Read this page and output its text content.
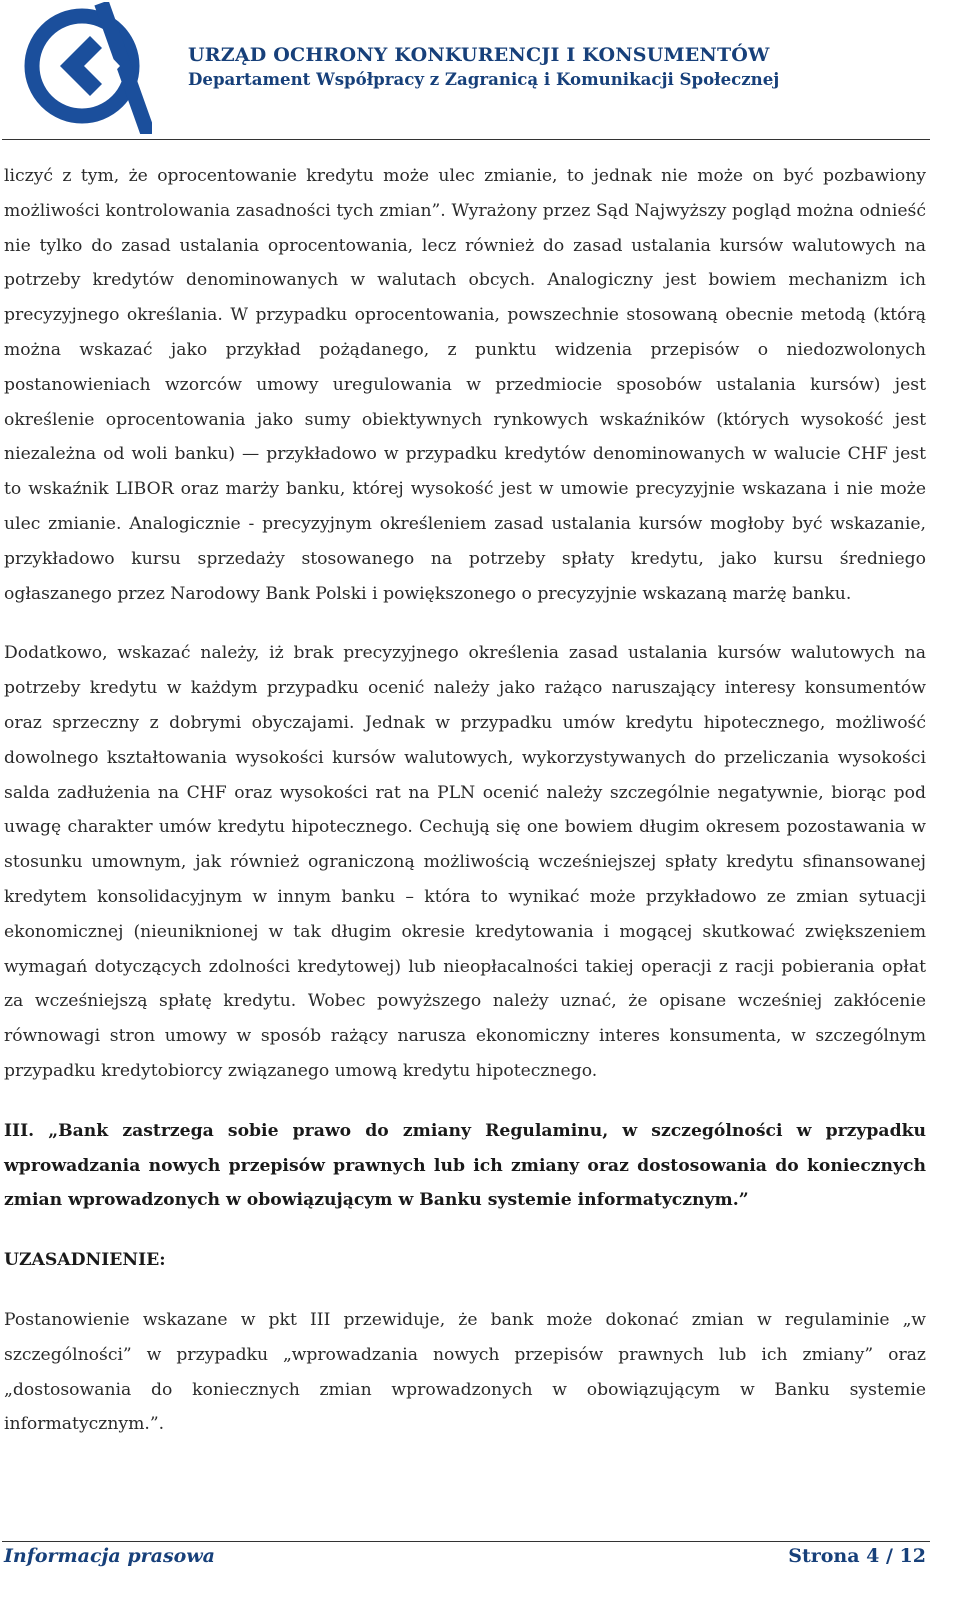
URZĄD OCHRONY KONKURENCJI I KONSUMENTÓW
Departament Współpracy z Zagranicą i Komunikacji Społecznej

liczyć z tym, że oprocentowanie kredytu może ulec zmianie, to jednak nie może on być pozbawiony możliwości kontrolowania zasadności tych zmian”. Wyrażony przez Sąd Najwyższy pogląd można odnieść nie tylko do zasad ustalania oprocentowania, lecz również do zasad ustalania kursów walutowych na potrzeby kredytów denominowanych w walutach obcych. Analogiczny jest bowiem mechanizm ich precyzyjnego określania. W przypadku oprocentowania, powszechnie stosowaną obecnie metodą (którą można wskazać jako przykład pożądanego, z punktu widzenia przepisów o niedozwolonych postanowieniach wzorców umowy uregulowania w przedmiocie sposobów ustalania kursów) jest określenie oprocentowania jako sumy obiektywnych rynkowych wskaźników (których wysokość jest niezależna od woli banku) — przykładowo w przypadku kredytów denominowanych w walucie CHF jest to wskaźnik LIBOR oraz marży banku, której wysokość jest w umowie precyzyjnie wskazana i nie może ulec zmianie. Analogicznie - precyzyjnym określeniem zasad ustalania kursów mogłoby być wskazanie, przykładowo kursu sprzedaży stosowanego na potrzeby spłaty kredytu, jako kursu średniego ogłaszanego przez Narodowy Bank Polski i powiększonego o precyzyjnie wskazaną marżę banku.

Dodatkowo, wskazać należy, iż brak precyzyjnego określenia zasad ustalania kursów walutowych na potrzeby kredytu w każdym przypadku ocenić należy jako rażąco naruszający interesy konsumentów oraz sprzeczny z dobrymi obyczajami. Jednak w przypadku umów kredytu hipotecznego, możliwość dowolnego kształtowania wysokości kursów walutowych, wykorzystywanych do przeliczania wysokości salda zadłużenia na CHF oraz wysokości rat na PLN ocenić należy szczególnie negatywnie, biorąc pod uwagę charakter umów kredytu hipotecznego. Cechują się one bowiem długim okresem pozostawania w stosunku umownym, jak również ograniczoną możliwością wcześniejszej spłaty kredytu sfinansowanej kredytem konsolidacyjnym w innym banku – która to wynikać może przykładowo ze zmian sytuacji ekonomicznej (nieuniknionej w tak długim okresie kredytowania i mogącej skutkować zwiększeniem wymagań dotyczących zdolności kredytowej) lub nieopłacalności takiej operacji z racji pobierania opłat za wcześniejszą spłatę kredytu. Wobec powyższego należy uznać, że opisane wcześniej zakłócenie równowagi stron umowy w sposób rażący narusza ekonomiczny interes konsumenta, w szczególnym przypadku kredytobiorcy związanego umową kredytu hipotecznego.

III. „Bank zastrzega sobie prawo do zmiany Regulaminu, w szczególności w przypadku wprowadzania nowych przepisów prawnych lub ich zmiany oraz dostosowania do koniecznych zmian wprowadzonych w obowiązującym w Banku systemie informatycznym.”

UZASADNIENIE:

Postanowienie wskazane w pkt III przewiduje, że bank może dokonać zmian w regulaminie „w szczególności” w przypadku „wprowadzania nowych przepisów prawnych lub ich zmiany” oraz „dostosowania do koniecznych zmian wprowadzonych w obowiązującym w Banku systemie informatycznym.”.

Informacja prasowa	Strona 4 / 12
